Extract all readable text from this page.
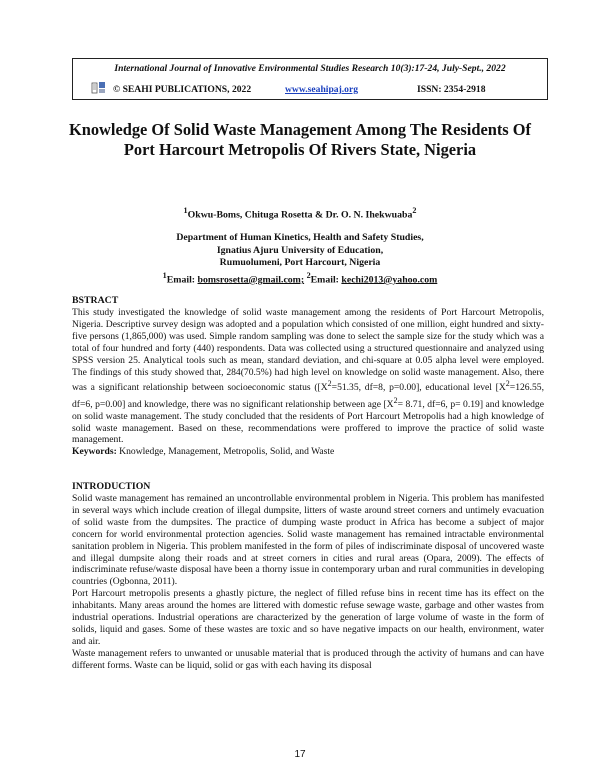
International Journal of Innovative Environmental Studies Research 10(3):17-24, July-Sept., 2022
© SEAHI PUBLICATIONS, 2022	www.seahipaj.org	ISSN: 2354-2918
Knowledge Of Solid Waste Management Among The Residents Of Port Harcourt Metropolis Of Rivers State, Nigeria
$^1$Okwu-Boms, Chituga Rosetta & Dr. O. N. Ihekwuaba$^2$
Department of Human Kinetics, Health and Safety Studies,
Ignatius Ajuru University of Education,
Rumuolumeni, Port Harcourt, Nigeria
$^1$Email: bomsrosetta@gmail.com; $^2$Email: kechi2013@yahoo.com
BSTRACT

This study investigated the knowledge of solid waste management among the residents of Port Harcourt Metropolis, Nigeria. Descriptive survey design was adopted and a population which consisted of one million, eight hundred and sixty-five persons (1,865,000) was used. Simple random sampling was done to select the sample size for the study which was a total of four hundred and forty (440) respondents. Data was collected using a structured questionnaire and analyzed using SPSS version 25. Analytical tools such as mean, standard deviation, and chi-square at 0.05 alpha level were employed. The findings of this study showed that, 284(70.5%) had high level on knowledge on solid waste management. Also, there was a significant relationship between socioeconomic status ([$X^2=51.35$, df=8, p=0.00], educational level [$X^2=126.55$, df=6, p=0.00] and knowledge, there was no significant relationship between age [$X^2= 8.71$, df=6, p= 0.19] and knowledge on solid waste management. The study concluded that the residents of Port Harcourt Metropolis had a high knowledge of solid waste management. Based on these, recommendations were proffered to improve the practice of solid waste management.
Keywords: Knowledge, Management, Metropolis, Solid, and Waste

INTRODUCTION

Solid waste management has remained an uncontrollable environmental problem in Nigeria. This problem has manifested in several ways which include creation of illegal dumpsite, litters of waste around street corners and untimely evacuation of solid waste from the dumpsites. The practice of dumping waste product in Africa has become a subject of major concern for world environmental protection agencies. Solid waste management has remained intractable environmental sanitation problem in Nigeria. This problem manifested in the form of piles of indiscriminate disposal of uncovered waste and illegal dumpsite along their roads and at street corners in cities and rural areas (Opara, 2009). The effects of indiscriminate refuse/waste disposal have been a thorny issue in contemporary urban and rural communities in developing countries (Ogbonna, 2011).
Port Harcourt metropolis presents a ghastly picture, the neglect of filled refuse bins in recent time has its effect on the inhabitants. Many areas around the homes are littered with domestic refuse sewage waste, garbage and other wastes from industrial operations. Industrial operations are characterized by the generation of large volume of waste in the form of solids, liquid and gases. Some of these wastes are toxic and so have negative impacts on our health, environment, water and air.
Waste management refers to unwanted or unusable material that is produced through the activity of humans and can have different forms. Waste can be liquid, solid or gas with each having its disposal

17
